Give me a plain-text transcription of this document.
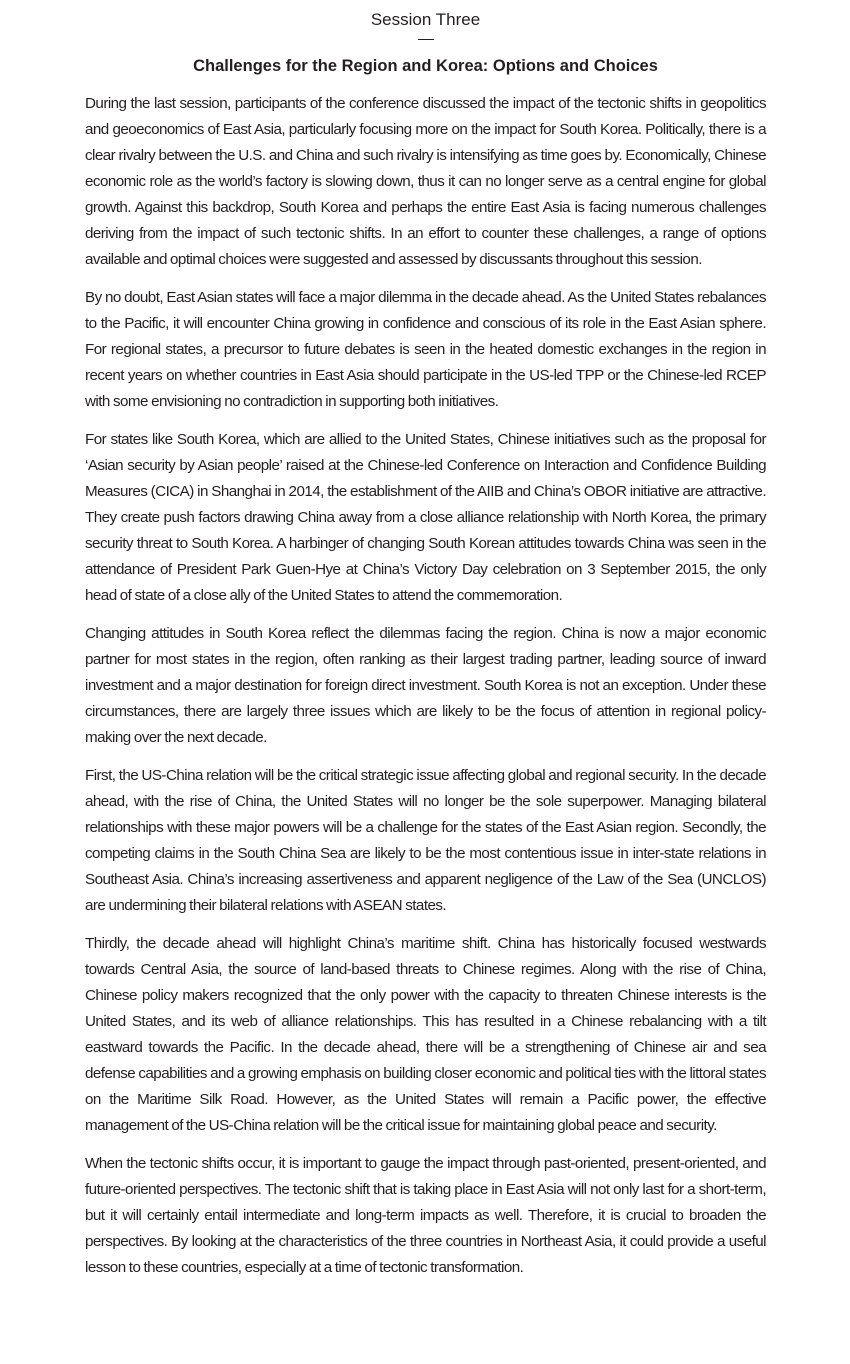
Session Three
Challenges for the Region and Korea: Options and Choices

During the last session, participants of the conference discussed the impact of the tectonic shifts in geopolitics and geoeconomics of East Asia, particularly focusing more on the impact for South Korea. Politically, there is a clear rivalry between the U.S. and China and such rivalry is intensifying as time goes by. Economically, Chinese economic role as the world’s factory is slowing down, thus it can no longer serve as a central engine for global growth. Against this backdrop, South Korea and perhaps the entire East Asia is facing numerous challenges deriving from the impact of such tectonic shifts. In an effort to counter these challenges, a range of options available and optimal choices were suggested and assessed by discussants throughout this session.

By no doubt, East Asian states will face a major dilemma in the decade ahead. As the United States rebalances to the Pacific, it will encounter China growing in confidence and conscious of its role in the East Asian sphere. For regional states, a precursor to future debates is seen in the heated domestic exchanges in the region in recent years on whether countries in East Asia should participate in the US-led TPP or the Chinese-led RCEP with some envisioning no contradiction in supporting both initiatives.

For states like South Korea, which are allied to the United States, Chinese initiatives such as the proposal for ‘Asian security by Asian people’ raised at the Chinese-led Conference on Interaction and Confidence Building Measures (CICA) in Shanghai in 2014, the establishment of the AIIB and China’s OBOR initiative are attractive. They create push factors drawing China away from a close alliance relationship with North Korea, the primary security threat to South Korea. A harbinger of changing South Korean attitudes towards China was seen in the attendance of President Park Guen-Hye at China’s Victory Day celebration on 3 September 2015, the only head of state of a close ally of the United States to attend the commemoration.

Changing attitudes in South Korea reflect the dilemmas facing the region. China is now a major economic partner for most states in the region, often ranking as their largest trading partner, leading source of inward investment and a major destination for foreign direct investment. South Korea is not an exception. Under these circumstances, there are largely three issues which are likely to be the focus of attention in regional policy-making over the next decade.

First, the US-China relation will be the critical strategic issue affecting global and regional security. In the decade ahead, with the rise of China, the United States will no longer be the sole superpower. Managing bilateral relationships with these major powers will be a challenge for the states of the East Asian region. Secondly, the competing claims in the South China Sea are likely to be the most contentious issue in inter-state relations in Southeast Asia. China’s increasing assertiveness and apparent negligence of the Law of the Sea (UNCLOS) are undermining their bilateral relations with ASEAN states.

Thirdly, the decade ahead will highlight China’s maritime shift. China has historically focused westwards towards Central Asia, the source of land-based threats to Chinese regimes. Along with the rise of China, Chinese policy makers recognized that the only power with the capacity to threaten Chinese interests is the United States, and its web of alliance relationships. This has resulted in a Chinese rebalancing with a tilt eastward towards the Pacific. In the decade ahead, there will be a strengthening of Chinese air and sea defense capabilities and a growing emphasis on building closer economic and political ties with the littoral states on the Maritime Silk Road. However, as the United States will remain a Pacific power, the effective management of the US-China relation will be the critical issue for maintaining global peace and security.

When the tectonic shifts occur, it is important to gauge the impact through past-oriented, present-oriented, and future-oriented perspectives. The tectonic shift that is taking place in East Asia will not only last for a short-term, but it will certainly entail intermediate and long-term impacts as well. Therefore, it is crucial to broaden the perspectives. By looking at the characteristics of the three countries in Northeast Asia, it could provide a useful lesson to these countries, especially at a time of tectonic transformation.
